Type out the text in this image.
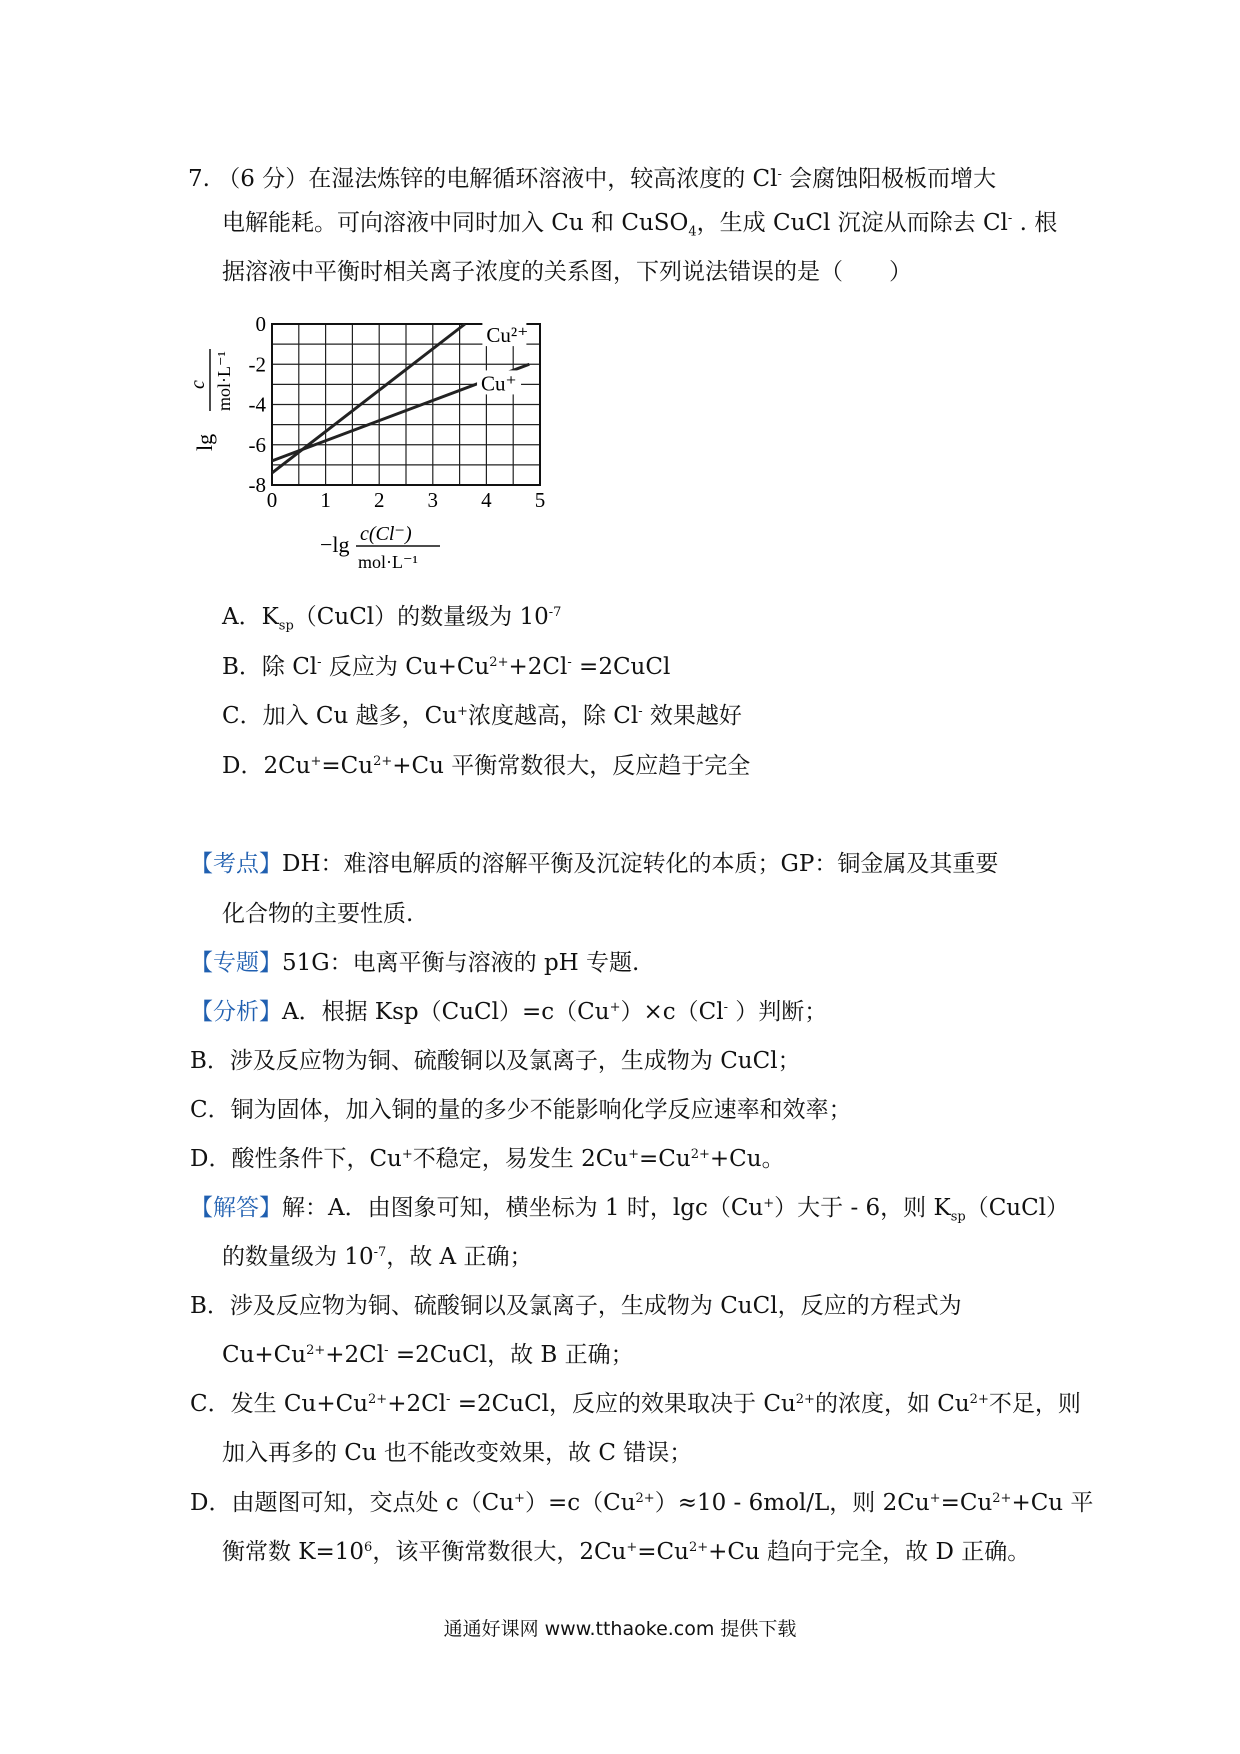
7. （6 分）在湿法炼锌的电解循环溶液中，较高浓度的 Cl- 会腐蚀阳极板而增大
电解能耗。可向溶液中同时加入 Cu 和 CuSO$_4$，生成 CuCl 沉淀从而除去 Cl- . 根
据溶液中平衡时相关离子浓度的关系图，下列说法错误的是（　　）
0 1 2 3 4 5
0
-2
-4
-6
-8
Cu²⁺
Cu⁺
lg
c mol·L⁻¹
−lg c(Cl⁻)
mol·L⁻¹
A．$K_{sp}(CuCl)$的数量级为 $10^{-7}$
B．除 Cl- 反应为 $Cu+Cu^{2+}+2Cl^-$ =2CuCl
C．加入 Cu 越多，Cu+浓度越高，除 Cl- 效果越好
D．$2Cu^+=Cu^{2+}+Cu$ 平衡常数很大，反应趋于完全
【考点】DH：难溶电解质的溶解平衡及沉淀转化的本质；GP：铜金属及其重要
化合物的主要性质.
【专题】51G：电离平衡与溶液的 pH 专题.
【分析】A．根据 Ksp（CuCl）=c（Cu+）×c（Cl- ）判断；
B．涉及反应物为铜、硫酸铜以及氯离子，生成物为 CuCl；
C．铜为固体，加入铜的量的多少不能影响化学反应速率和效率；
D．酸性条件下，Cu+不稳定，易发生 $2Cu^+=Cu^{2+}+Cu$。
【解答】解：A．由图象可知，横坐标为 1 时，lgc（Cu+）大于 - 6，则 $K_{sp}(CuCl)$
的数量级为 $10^{-7}$，故 A 正确；
B．涉及反应物为铜、硫酸铜以及氯离子，生成物为 CuCl，反应的方程式为
$Cu+Cu^{2+}+2Cl^-$ =2CuCl，故 B 正确；
C．发生 $Cu+Cu^{2+}+2Cl^-$ =2CuCl，反应的效果取决于 $Cu^{2+}$的浓度，如 $Cu^{2+}$不足，则
加入再多的 Cu 也不能改变效果，故 C 错误；
D．由题图可知，交点处 $c(Cu^+)=c(Cu^{2+})\approx 10 - 6mol/L$，则 $2Cu^+=Cu^{2+}+Cu$ 平
衡常数 $K=10^6$，该平衡常数很大，$2Cu^+=Cu^{2+}+Cu$ 趋向于完全，故 D 正确。
通通好课网 www.tthaoke.com 提供下载
